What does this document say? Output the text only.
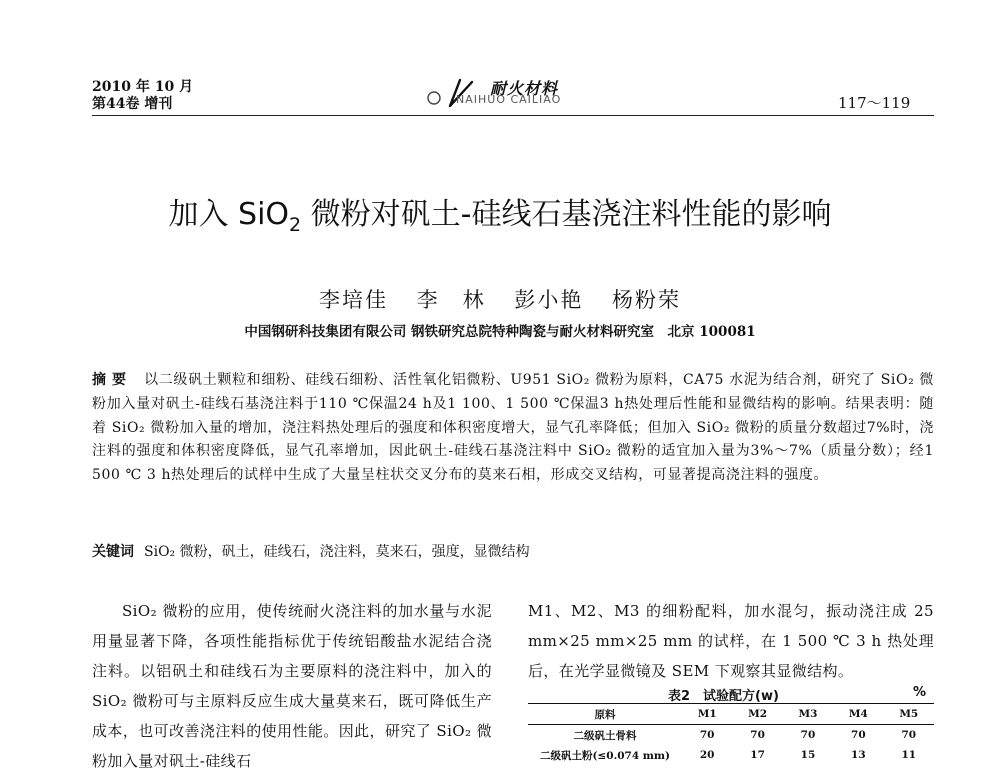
2010 年 10 月
第44卷 增刊
耐火材料
NAIHUO CAILIAO	117～119
加入 SiO$_2$ 微粉对矾土-硅线石基浇注料性能的影响
李培佳 李　林 彭小艳 杨粉荣
中国钢研科技集团有限公司 钢铁研究总院特种陶瓷与耐火材料研究室　北京 100081
摘要 以二级矾土颗粒和细粉、硅线石细粉、活性氧化铝微粉、U951 SiO₂ 微粉为原料，CA75 水泥为结合剂，研究了 SiO₂ 微粉加入量对矾土-硅线石基浇注料于110 ℃保温24 h及1 100、1 500 ℃保温3 h热处理后性能和显微结构的影响。结果表明：随着 SiO₂ 微粉加入量的增加，浇注料热处理后的强度和体积密度增大，显气孔率降低；但加入 SiO₂ 微粉的质量分数超过7%时，浇注料的强度和体积密度降低，显气孔率增加，因此矾土-硅线石基浇注料中 SiO₂ 微粉的适宜加入量为3%～7%（质量分数）；经1 500 ℃ 3 h热处理后的试样中生成了大量呈柱状交叉分布的莫来石相，形成交叉结构，可显著提高浇注料的强度。
关键词 SiO₂ 微粉，矾土，硅线石，浇注料，莫来石，强度，显微结构
SiO₂ 微粉的应用，使传统耐火浇注料的加水量与水泥用量显著下降，各项性能指标优于传统铝酸盐水泥结合浇注料。以铝矾土和硅线石为主要原料的浇注料中，加入的 SiO₂ 微粉可与主原料反应生成大量莫来石，既可降低生产成本，也可改善浇注料的使用性能。因此，研究了 SiO₂ 微粉加入量对矾土-硅线石
M1、M2、M3 的细粉配料，加水混匀，振动浇注成 25 mm×25 mm×25 mm 的试样，在 1 500 ℃ 3 h 热处理后，在光学显微镜及 SEM 下观察其显微结构。
表2　试验配方(w)	%
原料	M1	M2	M3	M4	M5
二级矾土骨料	70	70	70	70	70
二级矾土粉(≤0.074 mm)	20	17	15	13	11
